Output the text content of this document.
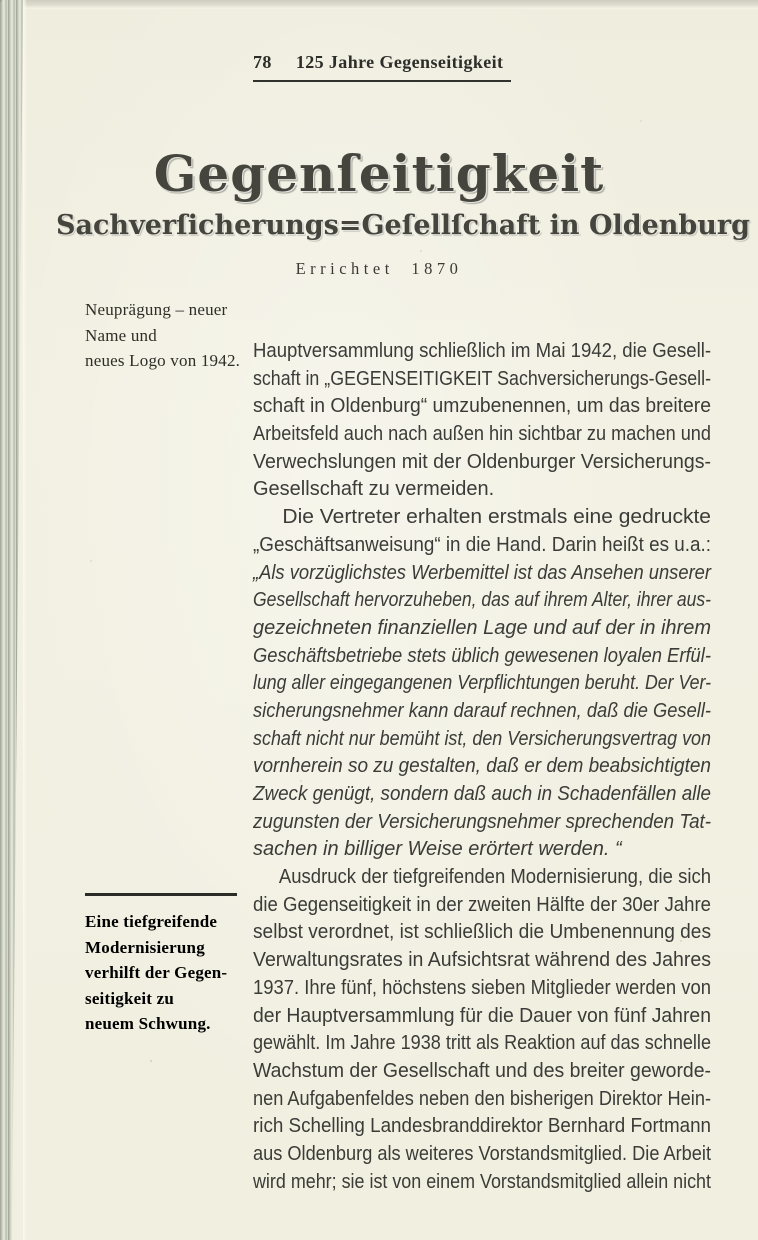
78 125 Jahre Gegenseitigkeit
Gegenſeitigkeit
Sachverſicherungs=Geſellſchaft in Oldenburg
Errichtet 1870
Neuprägung – neuer
Name und
neues Logo von 1942.
Eine tiefgreifende
Modernisierung
verhilft der Gegen-
seitigkeit zu
neuem Schwung.
Hauptversammlung schließlich im Mai 1942, die Gesell-
schaft in „GEGENSEITIGKEIT Sachversicherungs-Gesell-
schaft in Oldenburg“ umzubenennen, um das breitere
Arbeitsfeld auch nach außen hin sichtbar zu machen und
Verwechslungen mit der Oldenburger Versicherungs-
Gesellschaft zu vermeiden.
Die Vertreter erhalten erstmals eine gedruckte
„Geschäftsanweisung“ in die Hand. Darin heißt es u.a.:
„Als vorzüglichstes Werbemittel ist das Ansehen unserer
Gesellschaft hervorzuheben, das auf ihrem Alter, ihrer aus-
gezeichneten finanziellen Lage und auf der in ihrem
Geschäftsbetriebe stets üblich gewesenen loyalen Erfül-
lung aller eingegangenen Verpflichtungen beruht. Der Ver-
sicherungsnehmer kann darauf rechnen, daß die Gesell-
schaft nicht nur bemüht ist, den Versicherungsvertrag von
vornherein so zu gestalten, daß er dem beabsichtigten
Zweck genügt, sondern daß auch in Schadenfällen alle
zugunsten der Versicherungsnehmer sprechenden Tat-
sachen in billiger Weise erörtert werden. “
Ausdruck der tiefgreifenden Modernisierung, die sich
die Gegenseitigkeit in der zweiten Hälfte der 30er Jahre
selbst verordnet, ist schließlich die Umbenennung des
Verwaltungsrates in Aufsichtsrat während des Jahres
1937. Ihre fünf, höchstens sieben Mitglieder werden von
der Hauptversammlung für die Dauer von fünf Jahren
gewählt. Im Jahre 1938 tritt als Reaktion auf das schnelle
Wachstum der Gesellschaft und des breiter geworde-
nen Aufgabenfeldes neben den bisherigen Direktor Hein-
rich Schelling Landesbranddirektor Bernhard Fortmann
aus Oldenburg als weiteres Vorstandsmitglied. Die Arbeit
wird mehr; sie ist von einem Vorstandsmitglied allein nicht
